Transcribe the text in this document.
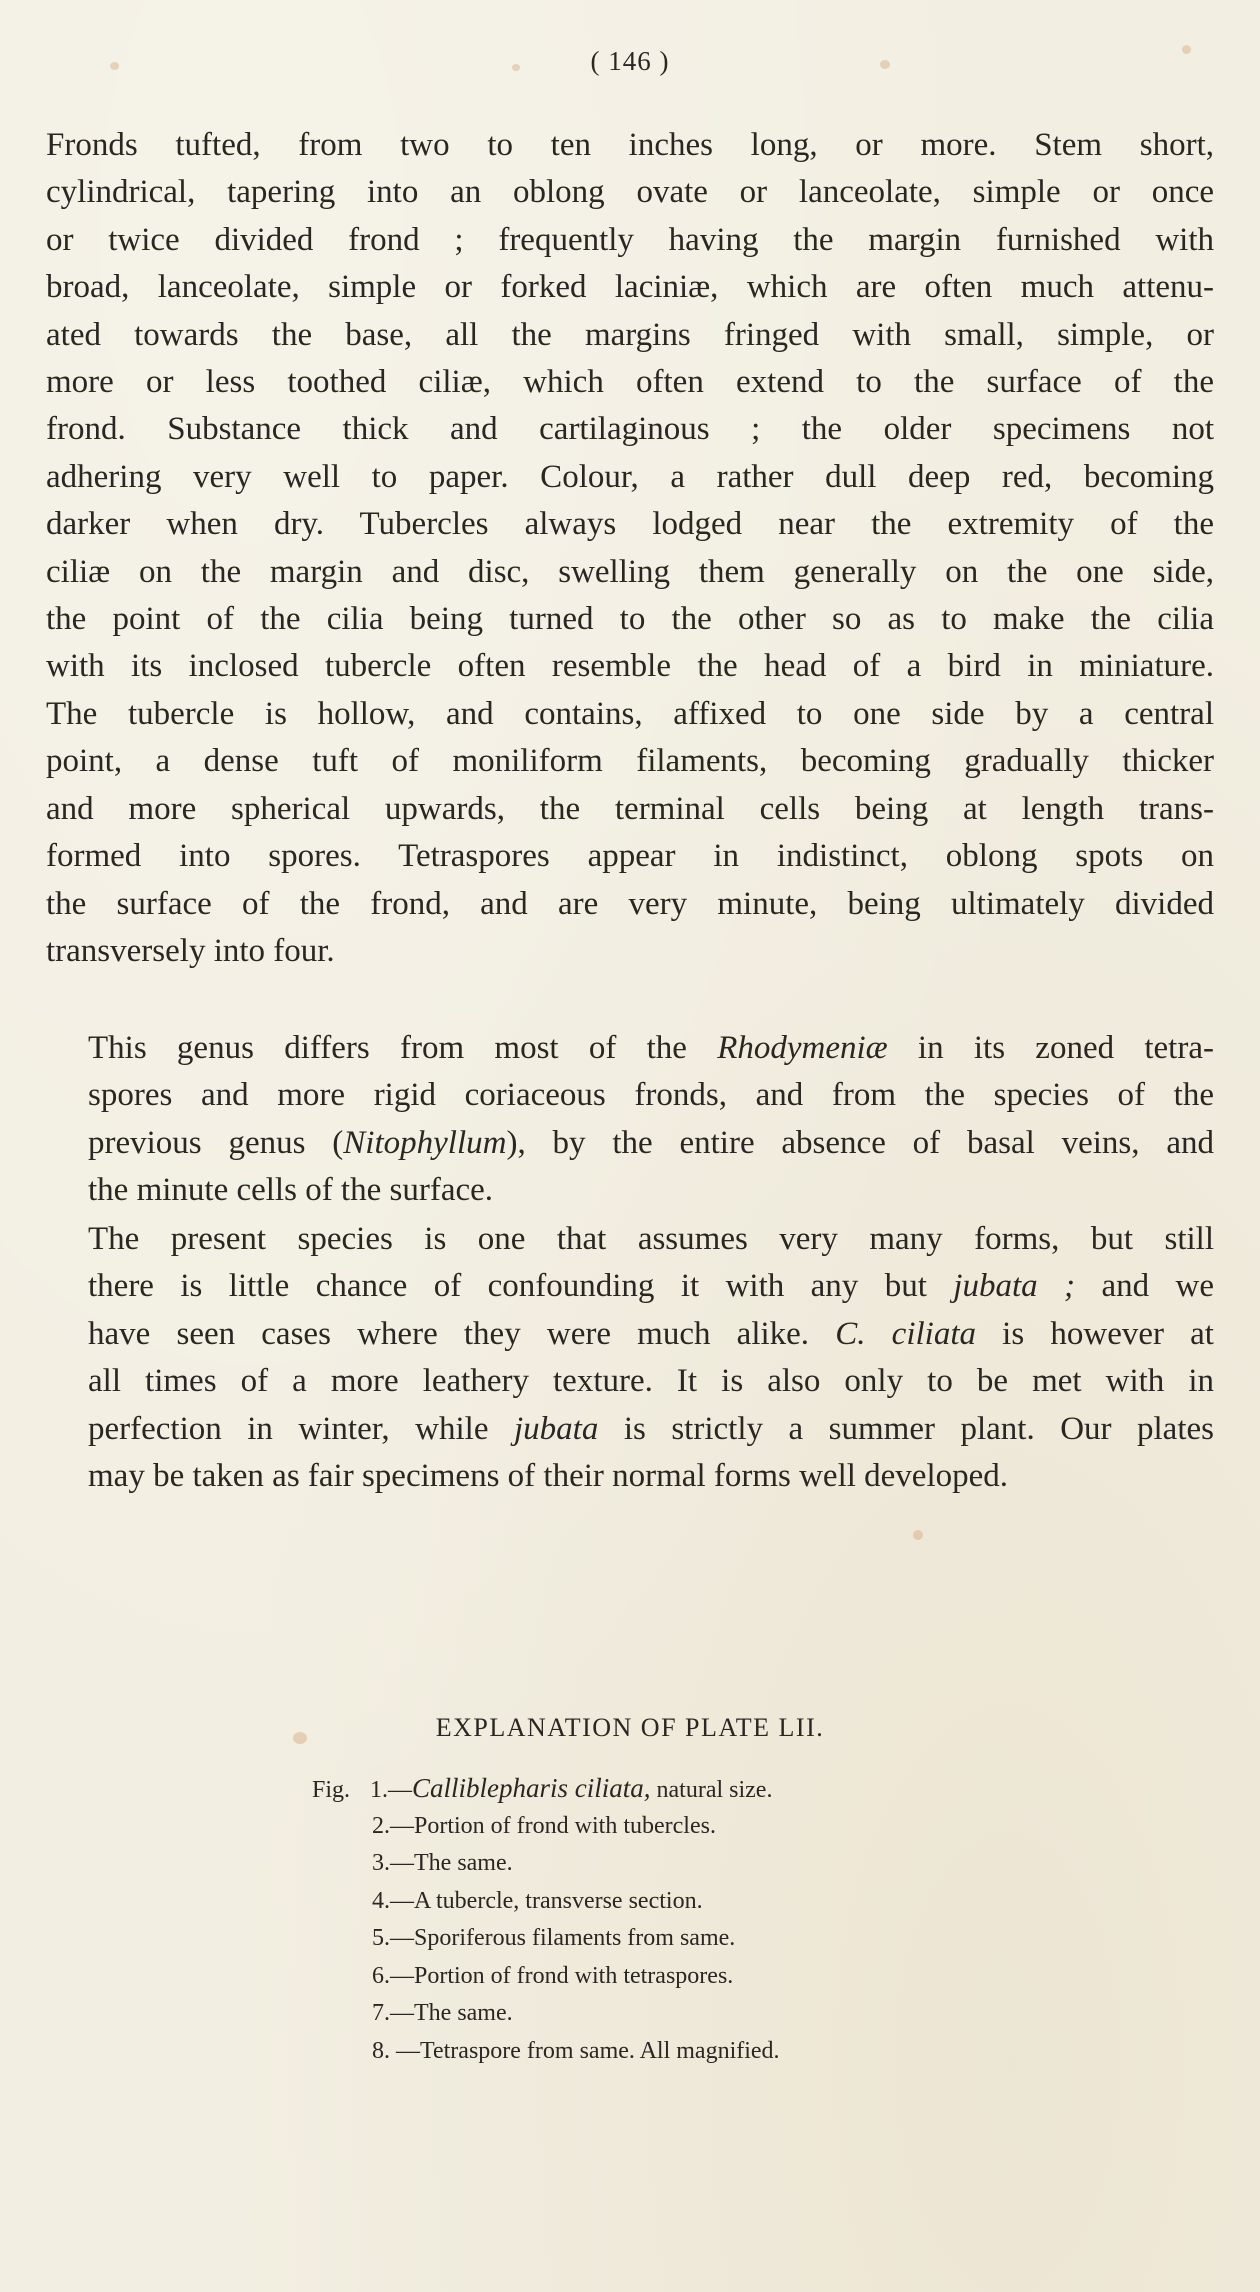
( 146 )

Fronds tufted, from two to ten inches long, or more. Stem short,
cylindrical, tapering into an oblong ovate or lanceolate, simple or once
or twice divided frond ; frequently having the margin furnished with
broad, lanceolate, simple or forked laciniæ, which are often much attenu-
ated towards the base, all the margins fringed with small, simple, or
more or less toothed ciliæ, which often extend to the surface of the
frond. Substance thick and cartilaginous ; the older specimens not
adhering very well to paper. Colour, a rather dull deep red, becoming
darker when dry. Tubercles always lodged near the extremity of the
ciliæ on the margin and disc, swelling them generally on the one side,
the point of the cilia being turned to the other so as to make the cilia
with its inclosed tubercle often resemble the head of a bird in miniature.
The tubercle is hollow, and contains, affixed to one side by a central
point, a dense tuft of moniliform filaments, becoming gradually thicker
and more spherical upwards, the terminal cells being at length trans-
formed into spores. Tetraspores appear in indistinct, oblong spots on
the surface of the frond, and are very minute, being ultimately divided
transversely into four.

This genus differs from most of the Rhodymeniæ in its zoned tetra-
spores and more rigid coriaceous fronds, and from the species of the
previous genus (Nitophyllum), by the entire absence of basal veins, and
the minute cells of the surface.

The present species is one that assumes very many forms, but still
there is little chance of confounding it with any but jubata ; and we
have seen cases where they were much alike. C. ciliata is however at
all times of a more leathery texture. It is also only to be met with in
perfection in winter, while jubata is strictly a summer plant. Our plates
may be taken as fair specimens of their normal forms well developed.

EXPLANATION OF PLATE LII.
Fig. 1.—Calliblepharis ciliata, natural size.
2.—Portion of frond with tubercles.
3.—The same.
4.—A tubercle, transverse section.
5.—Sporiferous filaments from same.
6.—Portion of frond with tetraspores.
7.—The same.
8. —Tetraspore from same. All magnified.
